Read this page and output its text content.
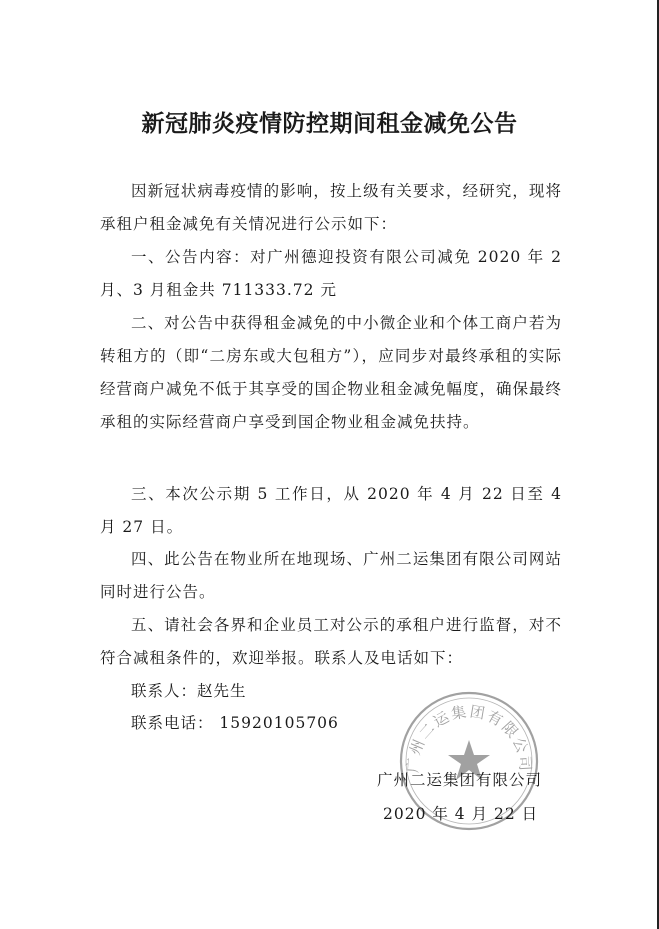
新冠肺炎疫情防控期间租金减免公告
因新冠状病毒疫情的影响，按上级有关要求，经研究，现将承租户租金减免有关情况进行公示如下：
一、公告内容：对广州德迎投资有限公司减免 2020 年 2 月、3 月租金共 711333.72 元
二、对公告中获得租金减免的中小微企业和个体工商户若为转租方的（即“二房东或大包租方”），应同步对最终承租的实际经营商户减免不低于其享受的国企物业租金减免幅度，确保最终承租的实际经营商户享受到国企物业租金减免扶持。
三、本次公示期 5 工作日，从 2020 年 4 月 22 日至 4 月 27 日。
四、此公告在物业所在地现场、广州二运集团有限公司网站同时进行公告。
五、请社会各界和企业员工对公示的承租户进行监督，对不符合减租条件的，欢迎举报。联系人及电话如下：
联系人：赵先生
联系电话： 15920105706
广州二运集团有限公司
广州二运集团有限公司
2020 年 4 月 22 日
